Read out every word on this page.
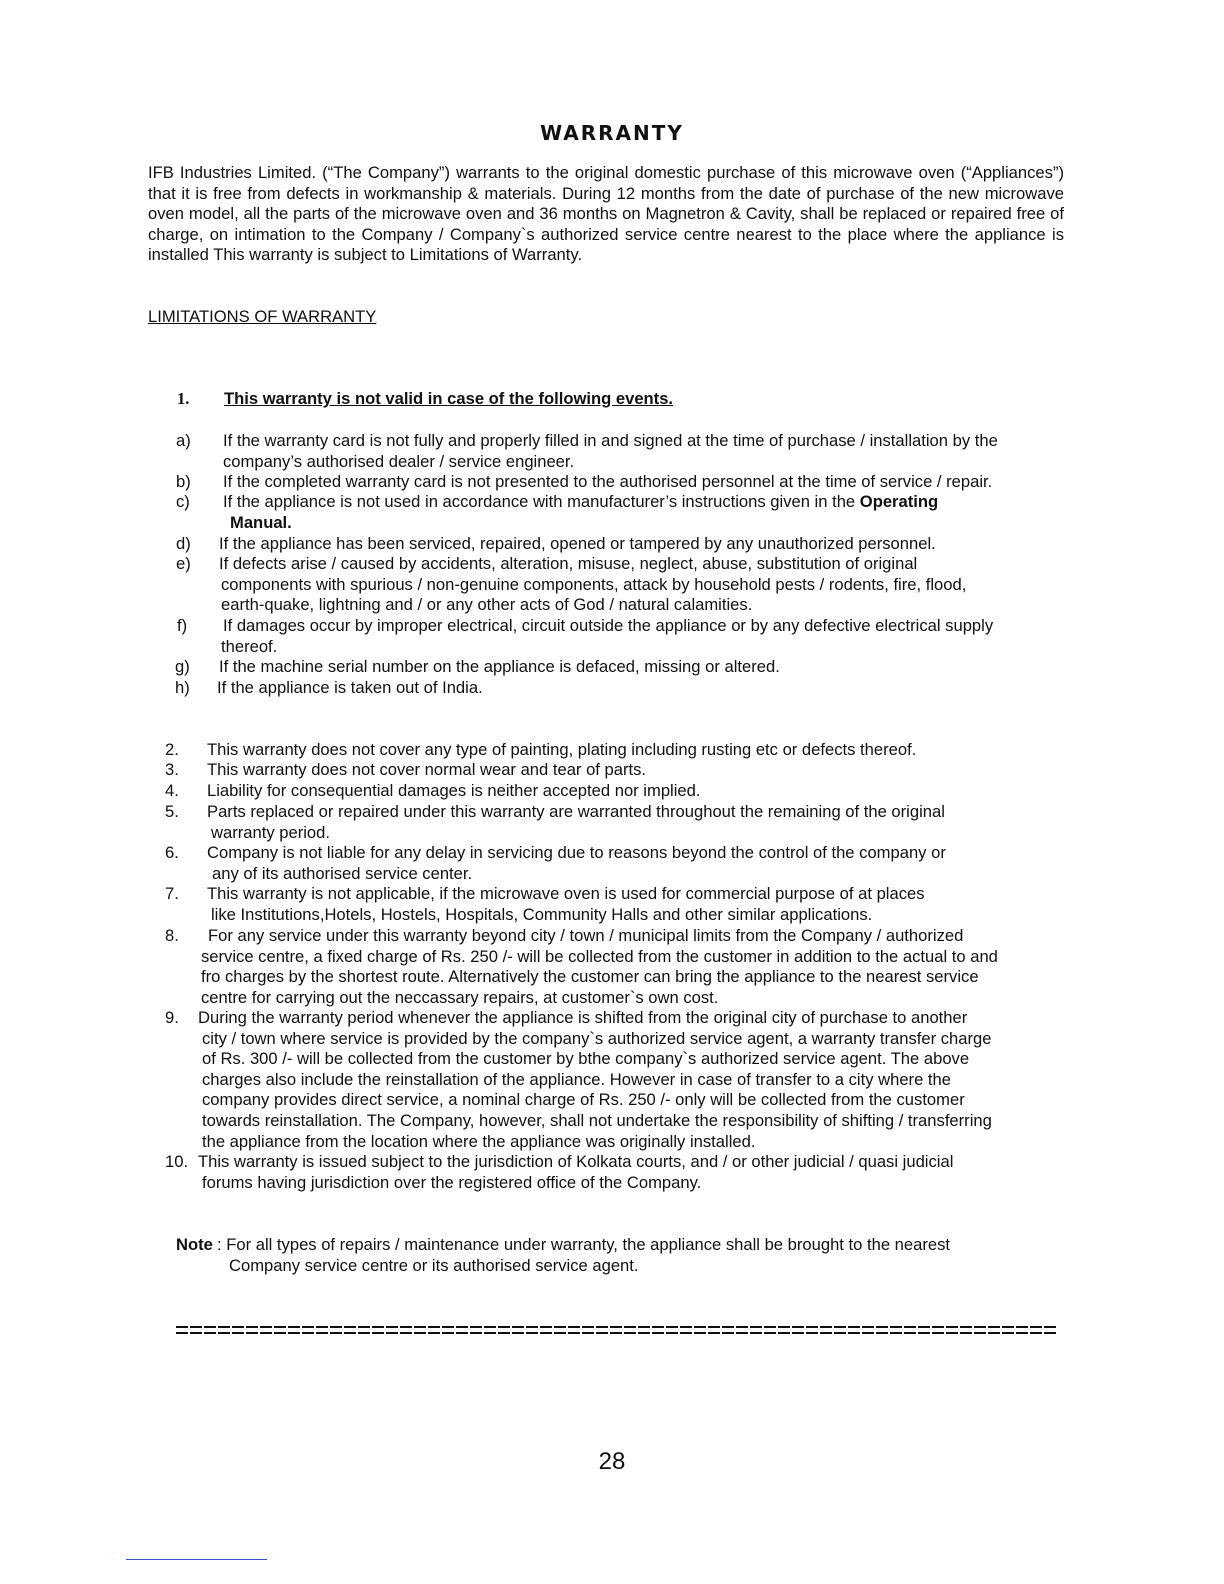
WARRANTY

IFB Industries Limited. (“The Company”) warrants to the original domestic purchase of this microwave oven (“Appliances”) that it is free from defects in workmanship & materials. During 12 months from the date of purchase of the new microwave oven model, all the parts of the microwave oven and 36 months on Magnetron & Cavity, shall be replaced or repaired free of charge, on intimation to the Company / Company`s authorized service centre nearest to the place where the appliance is installed This warranty is subject to Limitations of Warranty.

LIMITATIONS OF WARRANTY
1. This warranty is not valid in case of the following events.
a) If the warranty card is not fully and properly filled in and signed at the time of purchase / installation by the
company’s authorised dealer / service engineer.
b) If the completed warranty card is not presented to the authorised personnel at the time of service / repair.
c) If the appliance is not used in accordance with manufacturer’s instructions given in the Operating
Manual.
d) If the appliance has been serviced, repaired, opened or tampered by any unauthorized personnel.
e) If defects arise / caused by accidents, alteration, misuse, neglect, abuse, substitution of original
components with spurious / non-genuine components, attack by household pests / rodents, fire, flood,
earth-quake, lightning and / or any other acts of God / natural calamities.
f) If damages occur by improper electrical, circuit outside the appliance or by any defective electrical supply
thereof.
g) If the machine serial number on the appliance is defaced, missing or altered.
h) If the appliance is taken out of India.
2. This warranty does not cover any type of painting, plating including rusting etc or defects thereof.
3. This warranty does not cover normal wear and tear of parts.
4. Liability for consequential damages is neither accepted nor implied.
5. Parts replaced or repaired under this warranty are warranted throughout the remaining of the original
warranty period.
6. Company is not liable for any delay in servicing due to reasons beyond the control of the company or
any of its authorised service center.
7. This warranty is not applicable, if the microwave oven is used for commercial purpose of at places
like Institutions,Hotels, Hostels, Hospitals, Community Halls and other similar applications.
8.	For any service under this warranty beyond city / town / municipal limits from the Company / authorized
service centre, a fixed charge of Rs. 250 /- will be collected from the customer in addition to the actual to and
fro charges by the shortest route. Alternatively the customer can bring the appliance to the nearest service
centre for carrying out the neccassary repairs, at customer`s own cost.
9. During the warranty period whenever the appliance is shifted from the original city of purchase to another
city / town where service is provided by the company`s authorized service agent, a warranty transfer charge
of Rs. 300 /- will be collected from the customer by bthe company`s authorized service agent. The above
charges also include the reinstallation of the appliance. However in case of transfer to a city where the
company provides direct service, a nominal charge of Rs. 250 /- only will be collected from the customer
towards reinstallation. The Company, however, shall not undertake the responsibility of shifting / transferring
the appliance from the location where the appliance was originally installed.
10. This warranty is issued subject to the jurisdiction of Kolkata courts, and / or other judicial / quasi judicial
forums having jurisdiction over the registered office of the Company.
Note : For all types of repairs / maintenance under warranty, the appliance shall be brought to the nearest
Company service centre or its authorised service agent.
28
